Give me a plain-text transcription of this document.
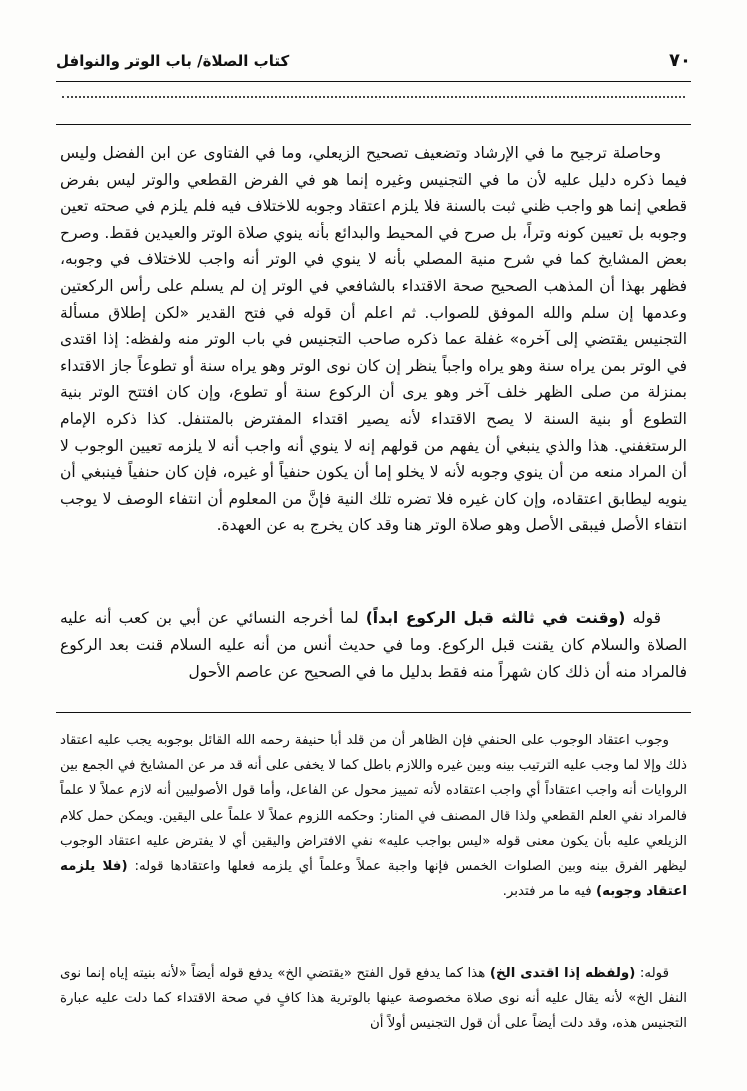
٧٠
كتاب الصلاة/ باب الوتر والنوافل

وحاصلة ترجيح ما في الإرشاد وتضعيف تصحيح الزيعلي، وما في الفتاوى عن ابن الفضل وليس فيما ذكره دليل عليه لأن ما في التجنيس وغيره إنما هو في الفرض القطعي والوتر ليس بفرض قطعي إنما هو واجب ظني ثبت بالسنة فلا يلزم اعتقاد وجوبه للاختلاف فيه فلم يلزم في صحته تعين وجوبه بل تعيين كونه وتراً، بل صرح في المحيط والبدائع بأنه ينوي صلاة الوتر والعيدين فقط. وصرح بعض المشايخ كما في شرح منية المصلي بأنه لا ينوي في الوتر أنه واجب للاختلاف في وجوبه، فظهر بهذا أن المذهب الصحيح صحة الاقتداء بالشافعي في الوتر إن لم يسلم على رأس الركعتين وعدمها إن سلم والله الموفق للصواب. ثم اعلم أن قوله في فتح القدير «لكن إطلاق مسألة التجنيس يقتضي إلى آخره» غفلة عما ذكره صاحب التجنيس في باب الوتر منه ولفظه: إذا اقتدى في الوتر بمن يراه سنة وهو يراه واجباً ينظر إن كان نوى الوتر وهو يراه سنة أو تطوعاً جاز الاقتداء بمنزلة من صلى الظهر خلف آخر وهو يرى أن الركوع سنة أو تطوع، وإن كان افتتح الوتر بنية التطوع أو بنية السنة لا يصح الاقتداء لأنه يصير اقتداء المفترض بالمتنفل. كذا ذكره الإمام الرستغفني. هذا والذي ينبغي أن يفهم من قولهم إنه لا ينوي أنه واجب أنه لا يلزمه تعيين الوجوب لا أن المراد منعه من أن ينوي وجوبه لأنه لا يخلو إما أن يكون حنفياً أو غيره، فإن كان حنفياً فينبغي أن ينويه ليطابق اعتقاده، وإن كان غيره فلا تضره تلك النية فإنَّ من المعلوم أن انتفاء الوصف لا يوجب انتفاء الأصل فيبقى الأصل وهو صلاة الوتر هنا وقد كان يخرج به عن العهدة.

قوله (وقنت في ثالثه قبل الركوع ابداً) لما أخرجه النسائي عن أبي بن كعب أنه عليه الصلاة والسلام كان يقنت قبل الركوع. وما في حديث أنس من أنه عليه السلام قنت بعد الركوع فالمراد منه أن ذلك كان شهراً منه فقط بدليل ما في الصحيح عن عاصم الأحول

وجوب اعتقاد الوجوب على الحنفي فإن الظاهر أن من قلد أبا حنيفة رحمه الله القائل بوجوبه يجب عليه اعتقاد ذلك وإلا لما وجب عليه الترتيب بينه وبين غيره واللازم باطل كما لا يخفى على أنه قد مر عن المشايخ في الجمع بين الروايات أنه واجب اعتقاداً أي واجب اعتقاده لأنه تمييز محول عن الفاعل، وأما قول الأصوليين أنه لازم عملاً لا علماً فالمراد نفي العلم القطعي ولذا قال المصنف في المنار: وحكمه اللزوم عملاً لا علماً على اليقين. ويمكن حمل كلام الزيلعي عليه بأن يكون معنى قوله «ليس بواجب عليه» نفي الافتراض واليقين أي لا يفترض عليه اعتقاد الوجوب ليظهر الفرق بينه وبين الصلوات الخمس فإنها واجبة عملاً وعلماً أي يلزمه فعلها واعتقادها قوله: (فلا يلزمه اعتقاد وجوبه) فيه ما مر فتدبر.

قوله: (ولفظه إذا اقتدى الخ) هذا كما يدفع قول الفتح «يقتضي الخ» يدفع قوله أيضاً «لأنه بنيته إياه إنما نوى النفل الخ» لأنه يقال عليه أنه نوى صلاة مخصوصة عينها بالوترية هذا كافٍ في صحة الاقتداء كما دلت عليه عبارة التجنيس هذه، وقد دلت أيضاً على أن قول التجنيس أولاً أن
